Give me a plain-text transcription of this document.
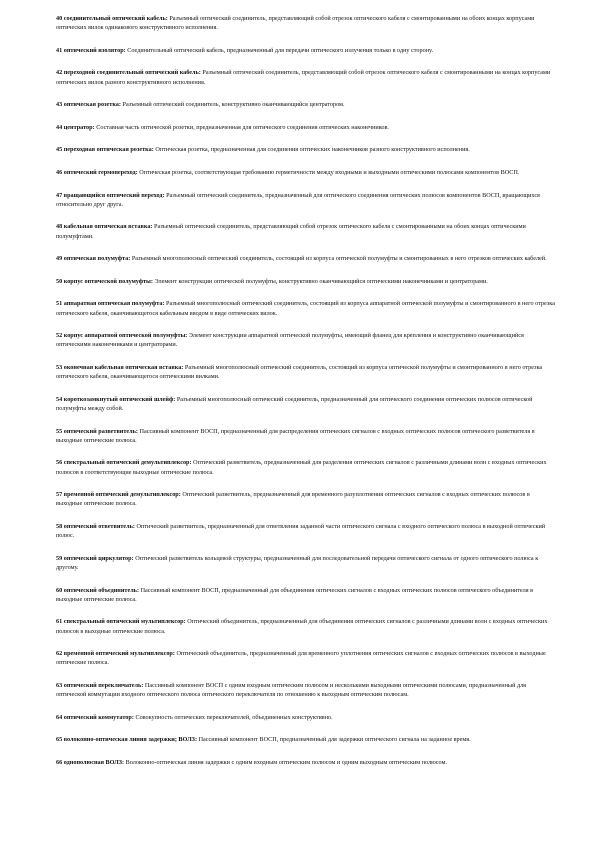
40 соединительный оптический кабель: Разъемный оптический соединитель, представляющий собой отрезок оптического кабеля с смонтированными на обоих концах корпусами оптических вилок одинакового конструктивного исполнения.

41 оптический изолятор: Соединительный оптический кабель, предназначенный для передачи оптического излучения только в одну сторону.

42 переходной соединительный оптический кабель: Разъемный оптический соединитель, представляющий собой отрезок оптического кабеля с смонтированными на концах корпусами оптических вилок разного конструктивного исполнения.

43 оптическая розетка: Разъемный оптический соединитель, конструктивно оканчивающийся центратором.

44 центратор: Составная часть оптической розетки, предназначенная для оптического соединения оптических наконечников.

45 переходная оптическая розетка: Оптическая розетка, предназначенная для соединения оптических наконечников разного конструктивного исполнения.

46 оптический гермопереход: Оптическая розетка, соответствующая требованию герметичности между входными и выходными оптическими полюсами компонентов ВОСП.

47 вращающийся оптический переход: Разъемный оптический соединитель, предназначенный для оптического соединения оптических полюсов компонентов ВОСП, вращающихся относительно друг друга.

48 кабельная оптическая вставка: Разъемный оптический соединитель, представляющий собой отрезок оптического кабеля с смонтированными на обоих концах оптическими полумуфтами.

49 оптическая полумуфта: Разъемный многополюсный оптический соединитель, состоящий из корпуса оптической полумуфты и смонтированных в него отрезков оптических кабелей.

50 корпус оптической полумуфты: Элемент конструкции оптической полумуфты, конструктивно оканчивающийся оптическими наконечниками и центраторами.

51 аппаратная оптическая полумуфта: Разъемный многополюсный оптический соединитель, состоящий из корпуса аппаратной оптической полумуфты и смонтированного в него отрезка оптического кабеля, оканчивающегося кабельным вводом в виде оптических вилок.

52 корпус аппаратной оптической полумуфты: Элемент конструкции аппаратной оптической полумуфты, имеющий фланец для крепления и конструктивно оканчивающийся оптическими наконечниками и центраторами.

53 оконечная кабельная оптическая вставка: Разъемный многополюсный оптический соединитель, состоящий из корпуса оптической полумуфты и смонтированного в него отрезка оптического кабеля, оканчивающегося оптическими вилками.

54 короткозамкнутый оптический шлейф: Разъемный многополюсный оптический соединитель, предназначенный для оптического соединения оптических полюсов оптической полумуфты между собой.

55 оптический разветвитель: Пассивный компонент ВОСП, предназначенный для распределения оптических сигналов с входных оптических полюсов оптического разветвителя в выходные оптические полюса.

56 спектральный оптический демультиплексор: Оптический разветвитель, предназначенный для разделения оптических сигналов с различными длинами волн с входных оптических полюсов в соответствующие выходные оптические полюса.

57 временной оптический демультиплексор: Оптический разветвитель, предназначенный для временного разуплотнения оптических сигналов с входных оптических полюсов в выходные оптические полюса.

58 оптический ответвитель: Оптический разветвитель, предназначенный для ответвления заданной части оптического сигнала с входного оптического полюса в выходной оптический полюс.

59 оптический циркулятор: Оптический разветвитель кольцевой структуры, предназначенный для последовательной передачи оптического сигнала от одного оптического полюса к другому.

60 оптический объединитель: Пассивный компонент ВОСП, предназначенный для объединения оптических сигналов с входных оптических полюсов оптического объединителя в выходные оптические полюса.

61 спектральный оптический мультиплексор: Оптический объединитель, предназначенный для объединения оптических сигналов с различными длинами волн с входных оптических полюсов в выходные оптические полюса.

62 временной оптический мультиплексор: Оптический объединитель, предназначенный для временного уплотнения оптических сигналов с входных оптических полюсов в выходные оптические полюса.

63 оптический переключатель: Пассивный компонент ВОСП с одним входным оптическим полюсом и несколькими выходными оптическими полюсами, предназначенный для оптической коммутации входного оптического полюса оптического переключателя по отношению к выходным оптическим полюсам.

64 оптический коммутатор: Совокупность оптических переключателей, объединенных конструктивно.

65 волоконно-оптическая линия задержки; ВОЛЗ: Пассивный компонент ВОСП, предназначенный для задержки оптического сигнала на заданное время.

66 однополюсная ВОЛЗ: Волоконно-оптическая линия задержки с одним входным оптическим полюсом и одним выходным оптическим полюсом.
